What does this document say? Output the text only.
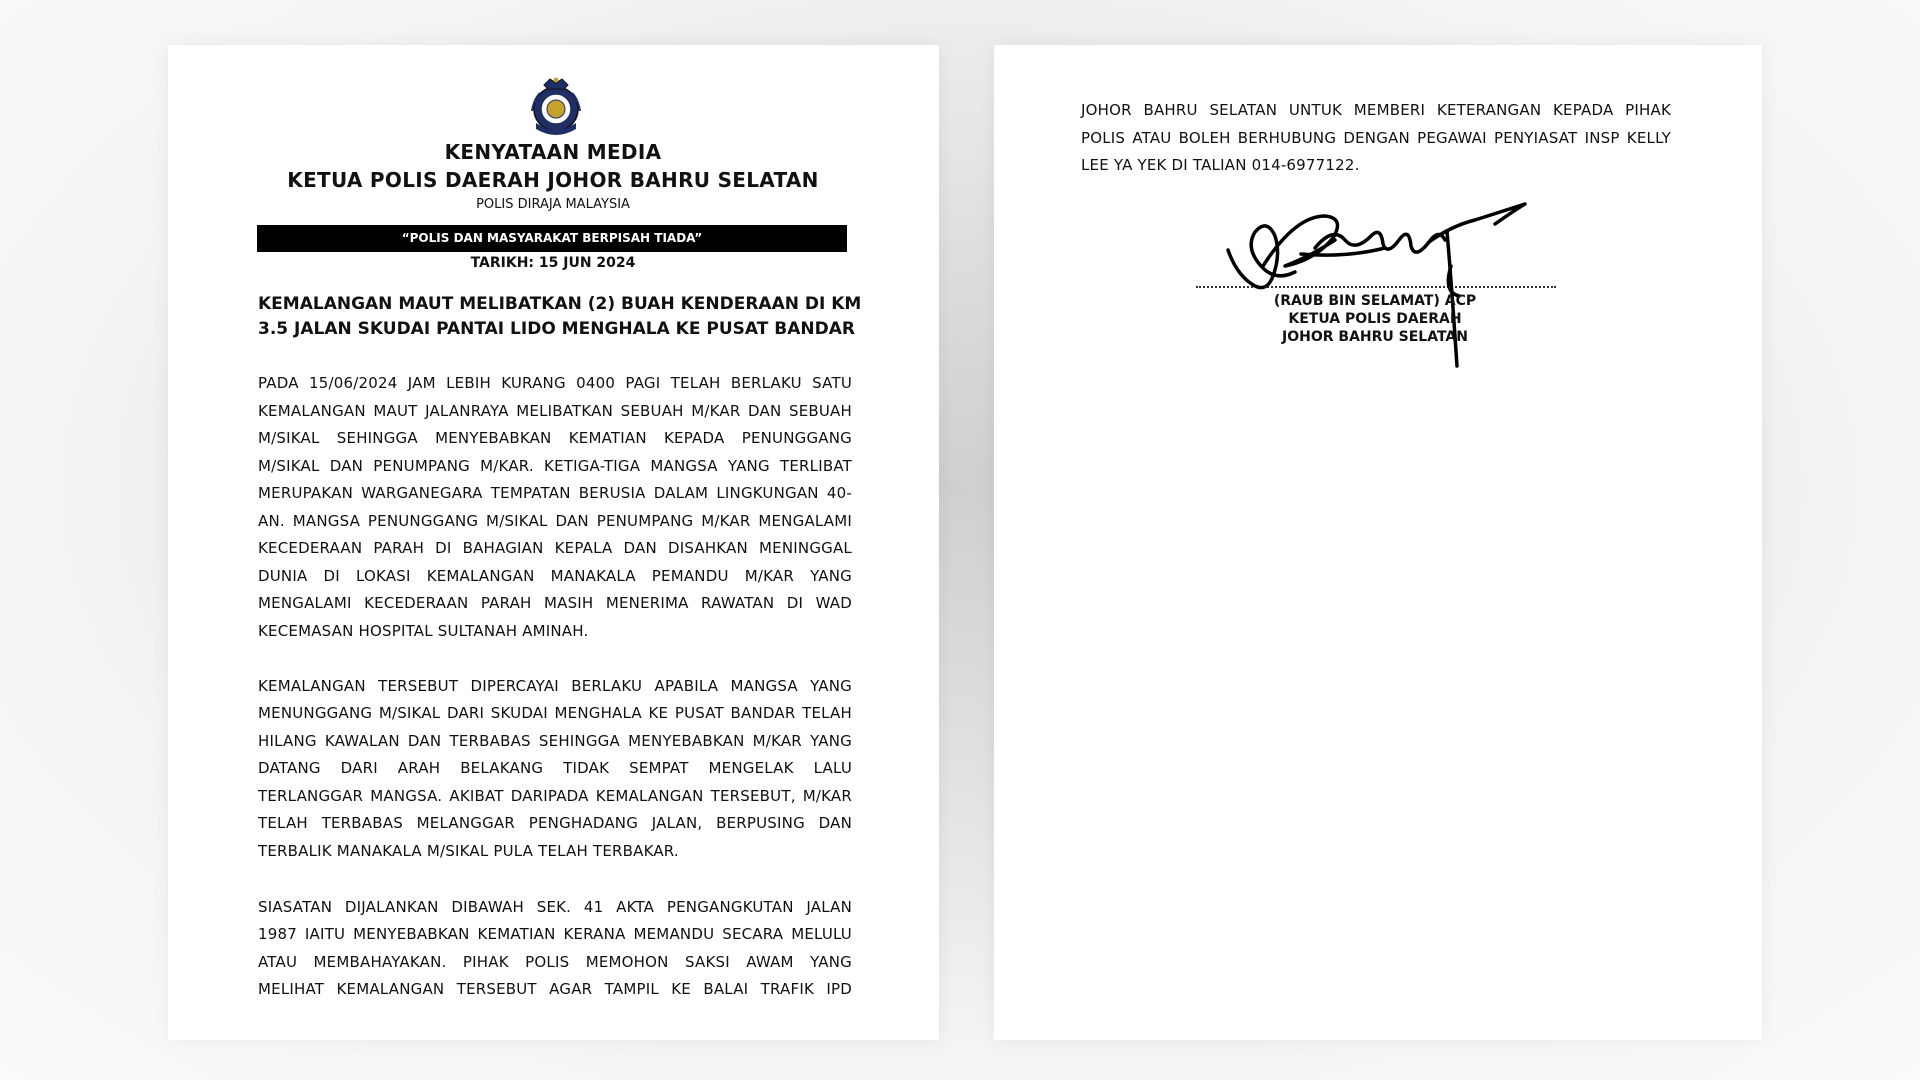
KENYATAAN MEDIA
KETUA POLIS DAERAH JOHOR BAHRU SELATAN
POLIS DIRAJA MALAYSIA
“POLIS DAN MASYARAKAT BERPISAH TIADA”
TARIKH: 15 JUN 2024
KEMALANGAN MAUT MELIBATKAN (2) BUAH KENDERAAN DI KM
3.5 JALAN SKUDAI PANTAI LIDO MENGHALA KE PUSAT BANDAR
PADA 15/06/2024 JAM LEBIH KURANG 0400 PAGI TELAH BERLAKU SATU
KEMALANGAN MAUT JALANRAYA MELIBATKAN SEBUAH M/KAR DAN SEBUAH
M/SIKAL SEHINGGA MENYEBABKAN KEMATIAN KEPADA PENUNGGANG
M/SIKAL DAN PENUMPANG M/KAR. KETIGA-TIGA MANGSA YANG TERLIBAT
MERUPAKAN WARGANEGARA TEMPATAN BERUSIA DALAM LINGKUNGAN 40-
AN. MANGSA PENUNGGANG M/SIKAL DAN PENUMPANG M/KAR MENGALAMI
KECEDERAAN PARAH DI BAHAGIAN KEPALA DAN DISAHKAN MENINGGAL
DUNIA DI LOKASI KEMALANGAN MANAKALA PEMANDU M/KAR YANG
MENGALAMI KECEDERAAN PARAH MASIH MENERIMA RAWATAN DI WAD
KECEMASAN HOSPITAL SULTANAH AMINAH.
KEMALANGAN TERSEBUT DIPERCAYAI BERLAKU APABILA MANGSA YANG
MENUNGGANG M/SIKAL DARI SKUDAI MENGHALA KE PUSAT BANDAR TELAH
HILANG KAWALAN DAN TERBABAS SEHINGGA MENYEBABKAN M/KAR YANG
DATANG DARI ARAH BELAKANG TIDAK SEMPAT MENGELAK LALU
TERLANGGAR MANGSA. AKIBAT DARIPADA KEMALANGAN TERSEBUT, M/KAR
TELAH TERBABAS MELANGGAR PENGHADANG JALAN, BERPUSING DAN
TERBALIK MANAKALA M/SIKAL PULA TELAH TERBAKAR.
SIASATAN DIJALANKAN DIBAWAH SEK. 41 AKTA PENGANGKUTAN JALAN
1987 IAITU MENYEBABKAN KEMATIAN KERANA MEMANDU SECARA MELULU
ATAU MEMBAHAYAKAN. PIHAK POLIS MEMOHON SAKSI AWAM YANG
MELIHAT KEMALANGAN TERSEBUT AGAR TAMPIL KE BALAI TRAFIK IPD
JOHOR BAHRU SELATAN UNTUK MEMBERI KETERANGAN KEPADA PIHAK
POLIS ATAU BOLEH BERHUBUNG DENGAN PEGAWAI PENYIASAT INSP KELLY
LEE YA YEK DI TALIAN 014-6977122.
(RAUB BIN SELAMAT) ACP
KETUA POLIS DAERAH
JOHOR BAHRU SELATAN
